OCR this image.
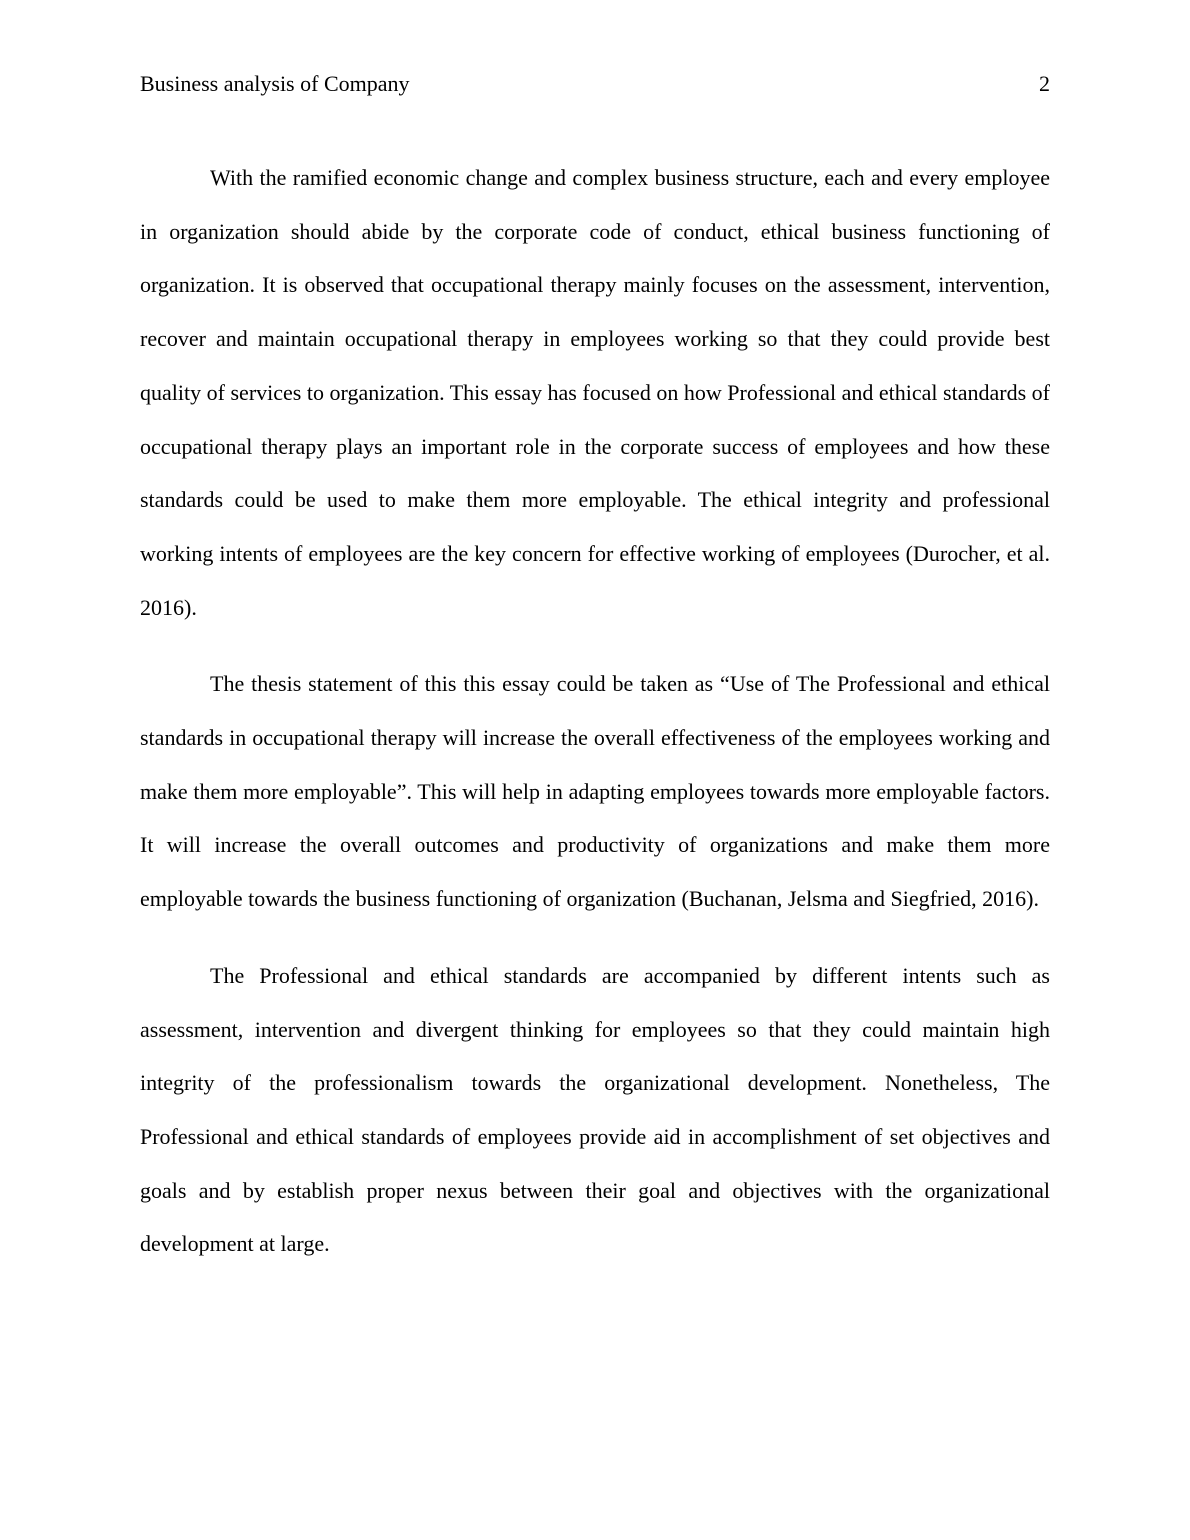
Business analysis of Company	2

With the ramified economic change and complex business structure, each and every employee in organization should abide by the corporate code of conduct, ethical business functioning of organization. It is observed that occupational therapy mainly focuses on the assessment, intervention, recover and maintain occupational therapy in employees working so that they could provide best quality of services to organization. This essay has focused on how Professional and ethical standards of occupational therapy plays an important role in the corporate success of employees and how these standards could be used to make them more employable. The ethical integrity and professional working intents of employees are the key concern for effective working of employees (Durocher, et al. 2016).

The thesis statement of this this essay could be taken as “Use of The Professional and ethical standards in occupational therapy will increase the overall effectiveness of the employees working and make them more employable”. This will help in adapting employees towards more employable factors. It will increase the overall outcomes and productivity of organizations and make them more employable towards the business functioning of organization (Buchanan, Jelsma and Siegfried, 2016).

The Professional and ethical standards are accompanied by different intents such as assessment, intervention and divergent thinking for employees so that they could maintain high integrity of the professionalism towards the organizational development. Nonetheless, The Professional and ethical standards of employees provide aid in accomplishment of set objectives and goals and by establish proper nexus between their goal and objectives with the organizational development at large.
